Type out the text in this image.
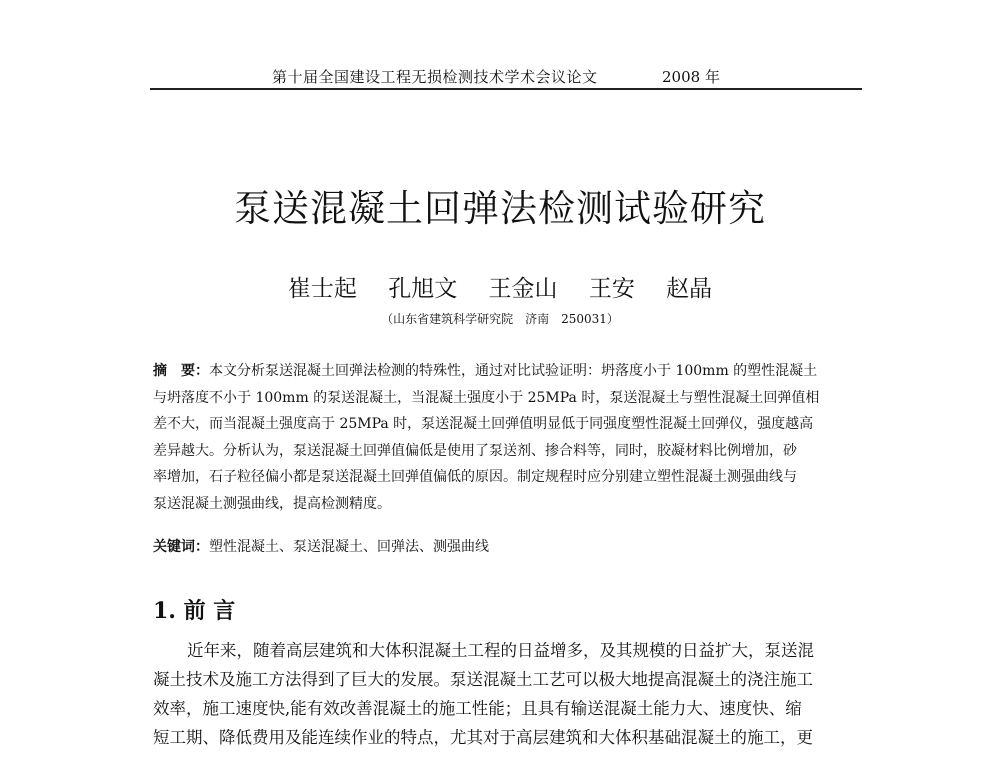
第十届全国建设工程无损检测技术学术会议论文	2008 年
泵送混凝土回弹法检测试验研究
崔士起 孔旭文 王金山 王安 赵晶
（山东省建筑科学研究院　济南　250031）
摘　要：本文分析泵送混凝土回弹法检测的特殊性，通过对比试验证明：坍落度小于 100mm 的塑性混凝土
与坍落度不小于 100mm 的泵送混凝土，当混凝土强度小于 25MPa 时，泵送混凝土与塑性混凝土回弹值相
差不大，而当混凝土强度高于 25MPa 时，泵送混凝土回弹值明显低于同强度塑性混凝土回弹仪，强度越高
差异越大。分析认为，泵送混凝土回弹值偏低是使用了泵送剂、掺合料等，同时，胶凝材料比例增加，砂
率增加，石子粒径偏小都是泵送混凝土回弹值偏低的原因。制定规程时应分别建立塑性混凝土测强曲线与
泵送混凝土测强曲线，提高检测精度。
关键词：塑性混凝土、泵送混凝土、回弹法、测强曲线
1. 前 言
近年来，随着高层建筑和大体积混凝土工程的日益增多，及其规模的日益扩大，泵送混
凝土技术及施工方法得到了巨大的发展。泵送混凝土工艺可以极大地提高混凝土的浇注施工
效率，施工速度快,能有效改善混凝土的施工性能；且具有输送混凝土能力大、速度快、缩
短工期、降低费用及能连续作业的特点，尤其对于高层建筑和大体积基础混凝土的施工，更
